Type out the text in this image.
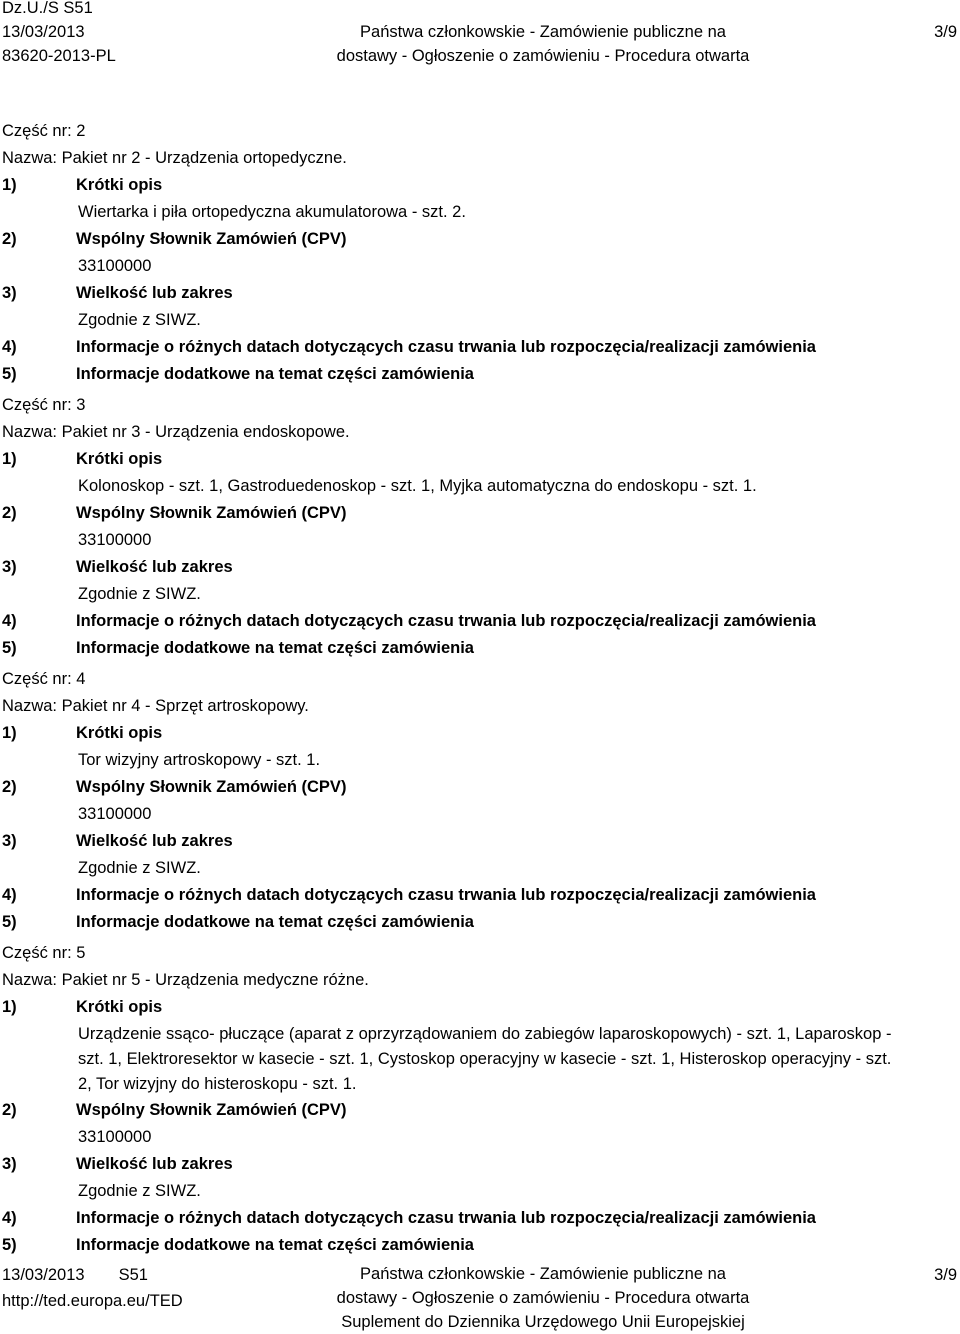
Dz.U./S S51
13/03/2013
83620-2013-PL
Państwa członkowskie - Zamówienie publiczne na
dostawy - Ogłoszenie o zamówieniu - Procedura otwarta
3/9
Część nr: 2
Nazwa: Pakiet nr 2 - Urządzenia ortopedyczne.
1)	Krótki opis
Wiertarka i piła ortopedyczna akumulatorowa - szt. 2.
2)	Wspólny Słownik Zamówień (CPV)
33100000
3)	Wielkość lub zakres
Zgodnie z SIWZ.
4)	Informacje o różnych datach dotyczących czasu trwania lub rozpoczęcia/realizacji zamówienia
5)	Informacje dodatkowe na temat części zamówienia
Część nr: 3
Nazwa: Pakiet nr 3 - Urządzenia endoskopowe.
1)	Krótki opis
Kolonoskop - szt. 1, Gastroduedenoskop - szt. 1, Myjka automatyczna do endoskopu - szt. 1.
2)	Wspólny Słownik Zamówień (CPV)
33100000
3)	Wielkość lub zakres
Zgodnie z SIWZ.
4)	Informacje o różnych datach dotyczących czasu trwania lub rozpoczęcia/realizacji zamówienia
5)	Informacje dodatkowe na temat części zamówienia
Część nr: 4
Nazwa: Pakiet nr 4 - Sprzęt artroskopowy.
1)	Krótki opis
Tor wizyjny artroskopowy - szt. 1.
2)	Wspólny Słownik Zamówień (CPV)
33100000
3)	Wielkość lub zakres
Zgodnie z SIWZ.
4)	Informacje o różnych datach dotyczących czasu trwania lub rozpoczęcia/realizacji zamówienia
5)	Informacje dodatkowe na temat części zamówienia
Część nr: 5
Nazwa: Pakiet nr 5 - Urządzenia medyczne różne.
1)	Krótki opis
Urządzenie ssąco- płuczące (aparat z oprzyrządowaniem do zabiegów laparoskopowych) - szt. 1, Laparoskop -
szt. 1, Elektroresektor w kasecie - szt. 1, Cystoskop operacyjny w kasecie - szt. 1, Histeroskop operacyjny - szt.
2, Tor wizyjny do histeroskopu - szt. 1.
2)	Wspólny Słownik Zamówień (CPV)
33100000
3)	Wielkość lub zakres
Zgodnie z SIWZ.
4)	Informacje o różnych datach dotyczących czasu trwania lub rozpoczęcia/realizacji zamówienia
5)	Informacje dodatkowe na temat części zamówienia
13/03/2013 S51
http://ted.europa.eu/TED
Państwa członkowskie - Zamówienie publiczne na
dostawy - Ogłoszenie o zamówieniu - Procedura otwarta
Suplement do Dziennika Urzędowego Unii Europejskiej
3/9
